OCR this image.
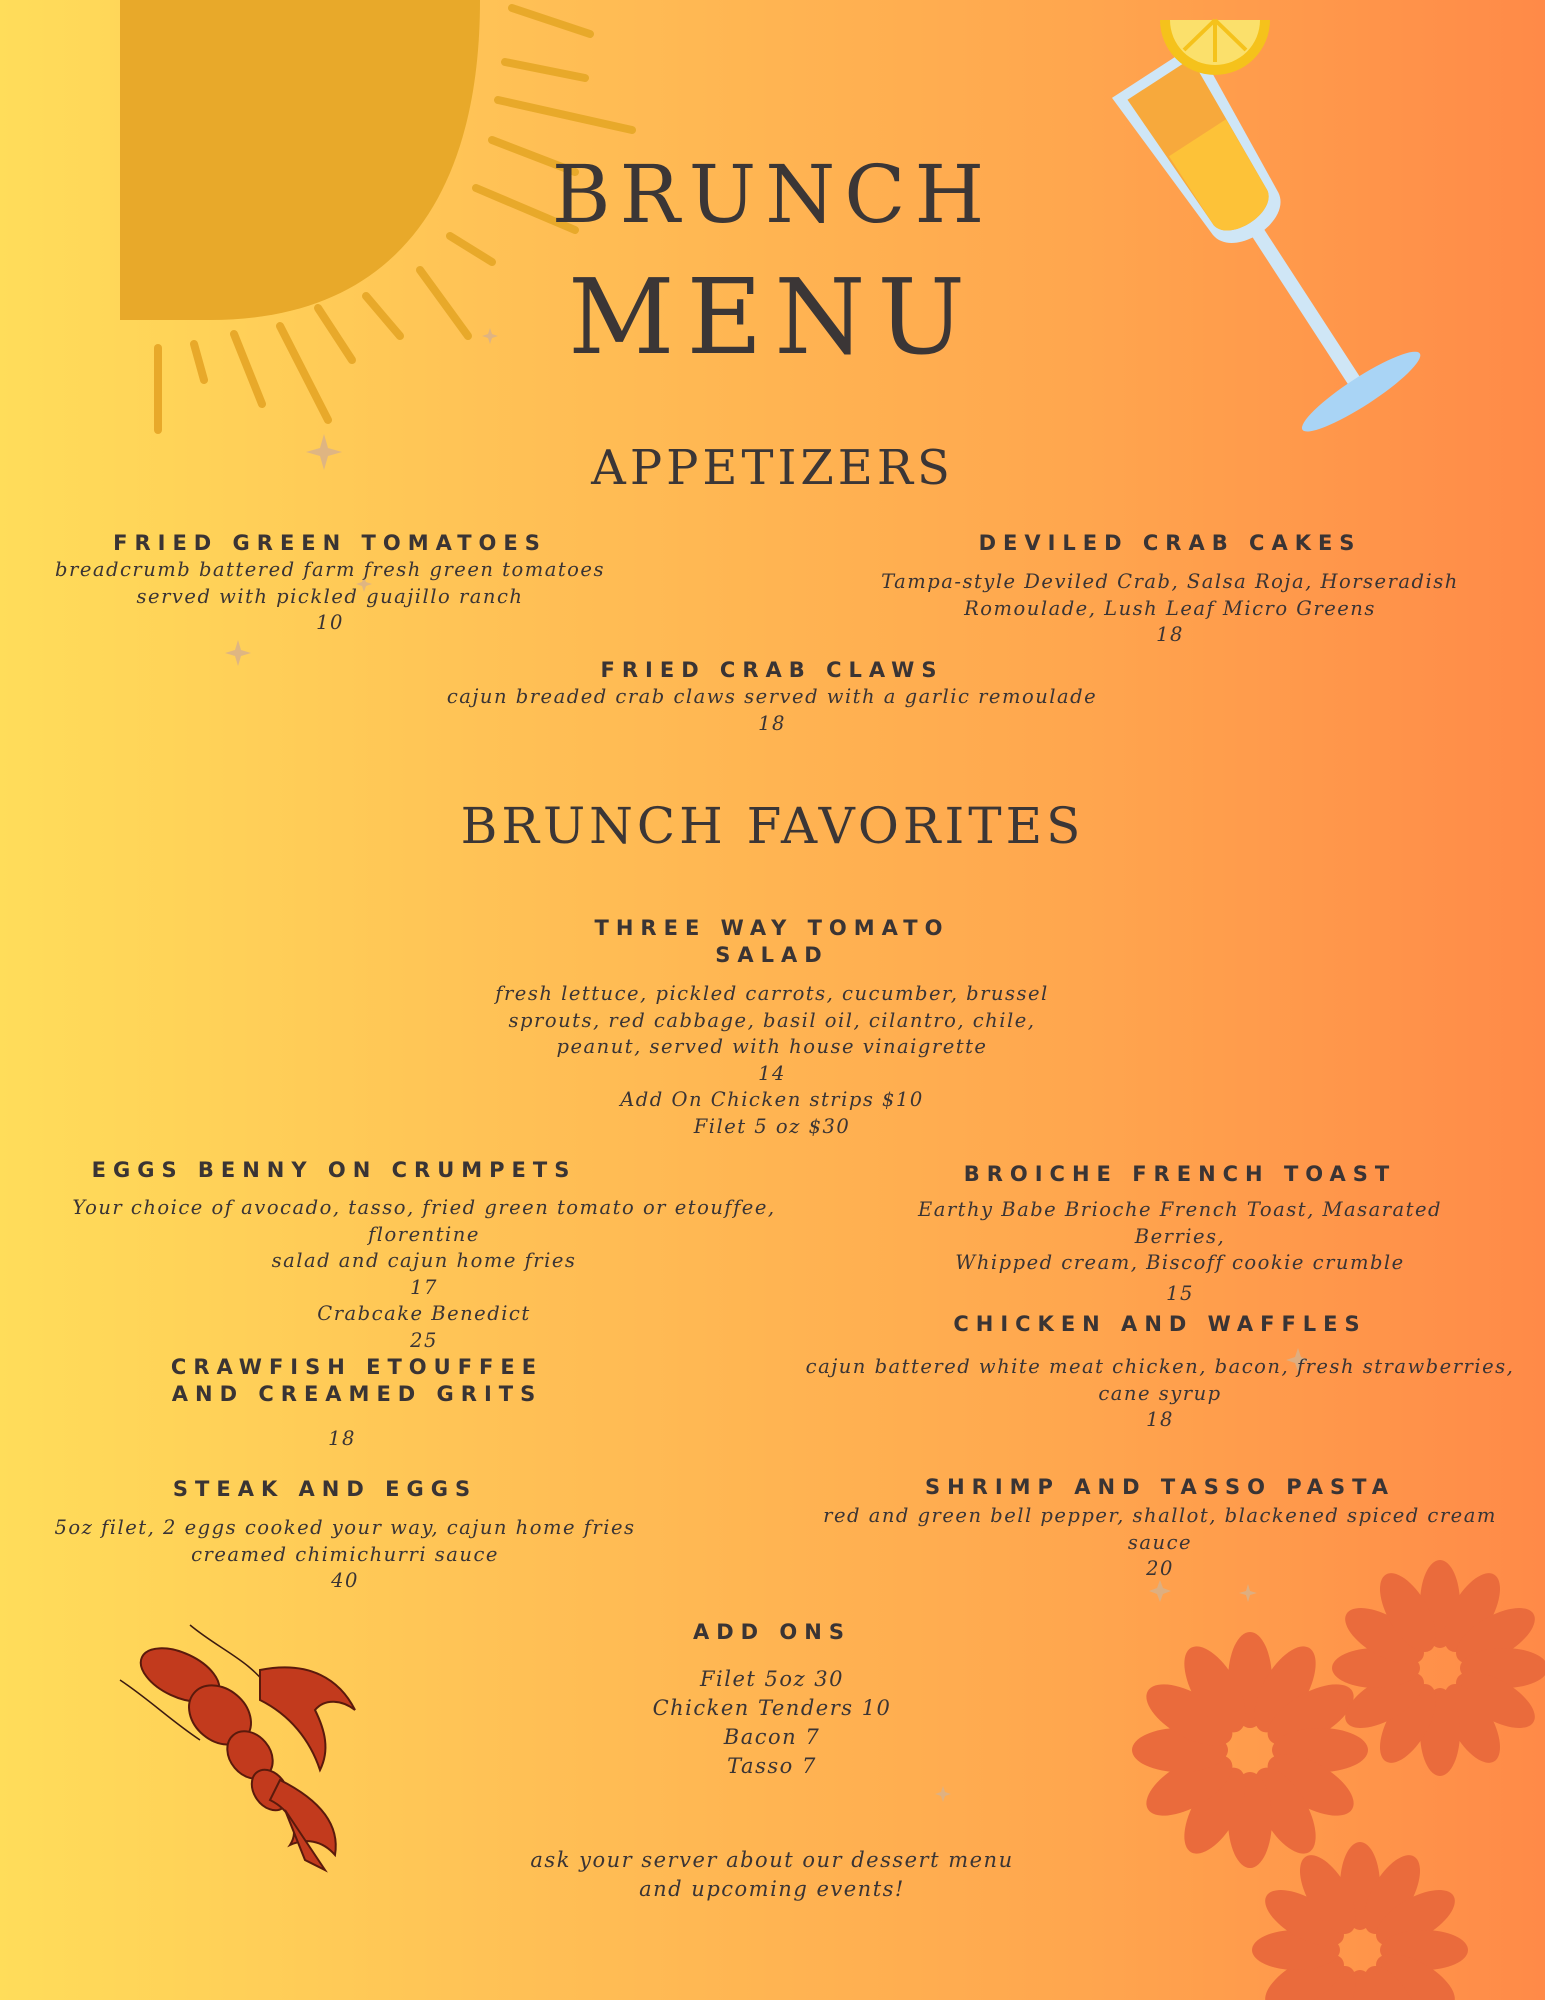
BRUNCH
MENU
APPETIZERS
FRIED GREEN TOMATOES
breadcrumb battered farm fresh green tomatoes
served with pickled guajillo ranch
10
DEVILED CRAB CAKES
Tampa-style Deviled Crab, Salsa Roja, Horseradish
Romoulade, Lush Leaf Micro Greens
18
FRIED CRAB CLAWS
cajun breaded crab claws served with a garlic remoulade
18
BRUNCH FAVORITES
THREE WAY TOMATO
SALAD
fresh lettuce, pickled carrots, cucumber, brussel
sprouts, red cabbage, basil oil, cilantro, chile,
peanut, served with house vinaigrette
14
Add On Chicken strips $10
Filet 5 oz $30
EGGS BENNY ON CRUMPETS
Your choice of avocado, tasso, fried green tomato or etouffee, florentine
salad and cajun home fries
17
Crabcake Benedict
25
BROICHE FRENCH TOAST
Earthy Babe Brioche French Toast, Masarated Berries,
Whipped cream, Biscoff cookie crumble
15
CHICKEN AND WAFFLES
cajun battered white meat chicken, bacon, fresh strawberries,
cane syrup
18
CRAWFISH ETOUFFEE
AND CREAMED GRITS
18
STEAK AND EGGS
5oz filet, 2 eggs cooked your way, cajun home fries
creamed chimichurri sauce
40
SHRIMP AND TASSO PASTA
red and green bell pepper, shallot, blackened spiced cream sauce
20
ADD ONS
Filet 5oz 30
Chicken Tenders 10
Bacon 7
Tasso 7
ask your server about our dessert menu
and upcoming events!
